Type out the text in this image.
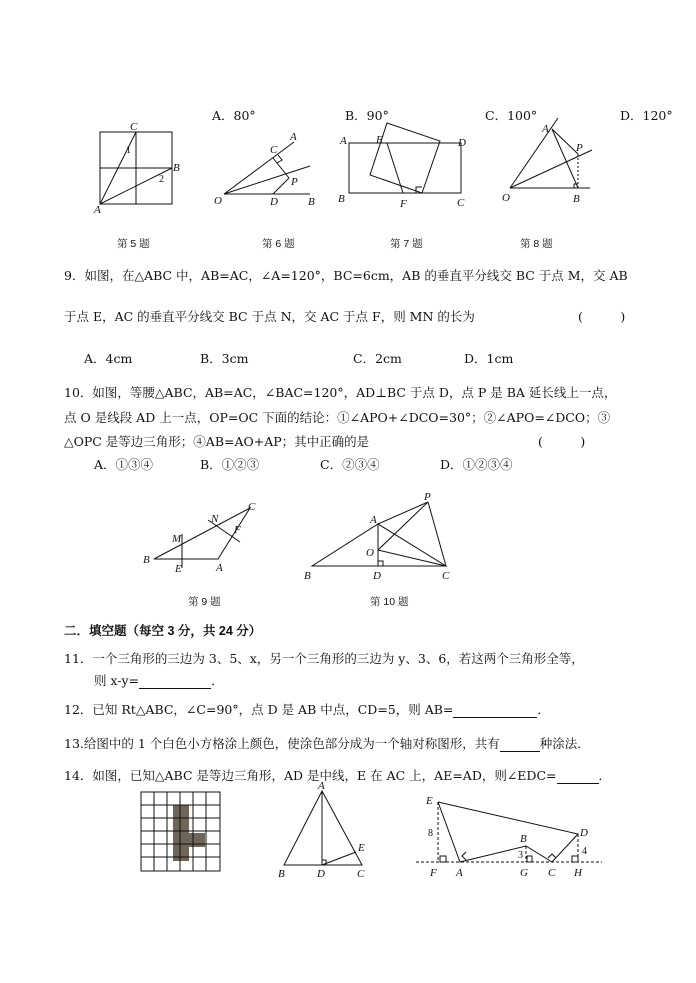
A．80°	B．90°	C．100°	D．120°
A
B
C
1
2
第 5 题
O	D	B
A
C
P
第 6 题
A	E	D
B	F	C
第 7 题
O
A
P
B
第 8 题
9．如图，在△ABC 中，AB=AC，∠A=120°，BC=6cm，AB 的垂直平分线交 BC 于点 M，交 AB
于点 E，AC 的垂直平分线交 BC 于点 N，交 AC 于点 F，则 MN 的长为	(　　　)
A．4cm	B．3cm	C．2cm	D．1cm
10．如图，等腰△ABC，AB=AC，∠BAC=120°，AD⊥BC 于点 D，点 P 是 BA 延长线上一点，
点 O 是线段 AD 上一点，OP=OC 下面的结论：①∠APO+∠DCO=30°；②∠APO=∠DCO；③
△OPC 是等边三角形；④AB=AO+AP；其中正确的是	(　　　)
A．①③④	B．①②③	C．②③④	D．①②③④
B
M
E	A
N
F
C
第 9 题
P
A
O
B	D	C
第 10 题
二．填空题（每空 3 分，共 24 分）
11．一个三角形的三边为 3、5、x，另一个三角形的三边为 y、3、6，若这两个三角形全等，
则 x-y=	．
12．已知 Rt△ABC，∠C=90°，点 D 是 AB 中点，CD=5，则 AB=	．
13.给图中的 1 个白色小方格涂上颜色，使涂色部分成为一个轴对称图形，共有	种涂法．
14．如图，已知△ABC 是等边三角形，AD 是中线，E 在 AC 上，AE=AD，则∠EDC=	．
A
B	D	C
E
E
8
F A
B
3
G C
D
4
H
